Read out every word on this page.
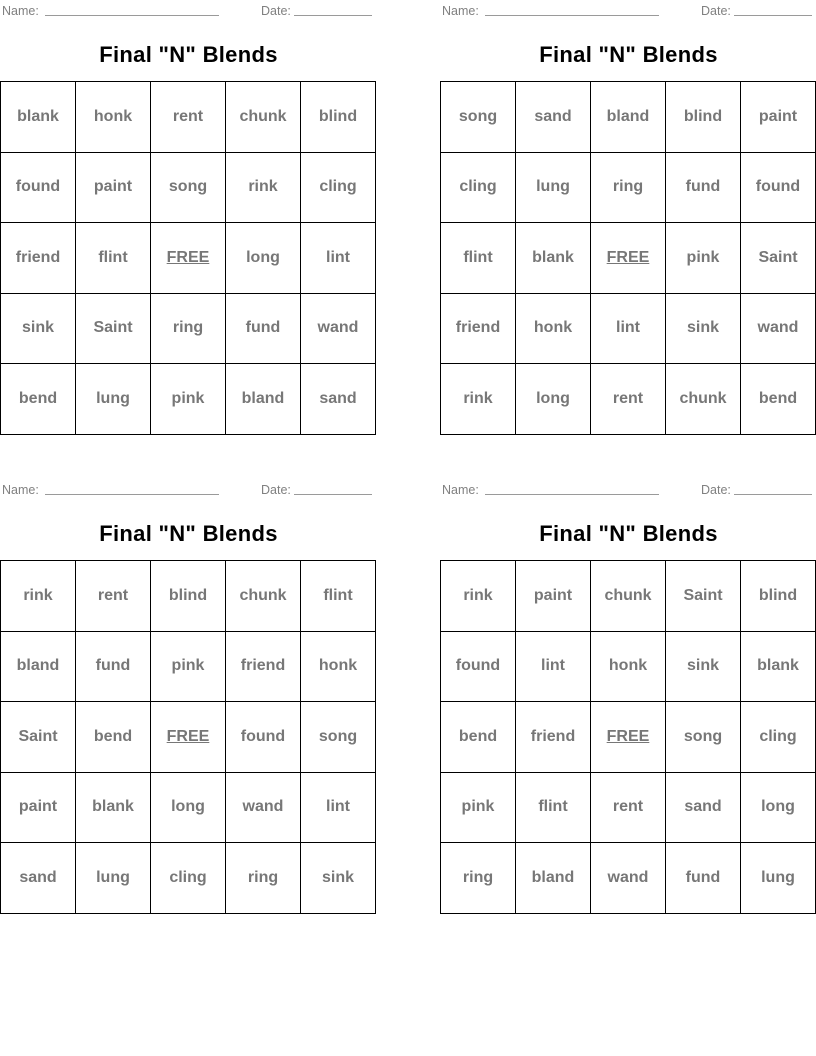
Name:	Date:
Final "N" Blends
blank	honk	rent	chunk	blind
found	paint	song	rink	cling
friend	flint	FREE	long	lint
sink	Saint	ring	fund	wand
bend	lung	pink	bland	sand
Name:	Date:
Final "N" Blends
song	sand	bland	blind	paint
cling	lung	ring	fund	found
flint	blank	FREE	pink	Saint
friend	honk	lint	sink	wand
rink	long	rent	chunk	bend
Name:	Date:
Final "N" Blends
rink	rent	blind	chunk	flint
bland	fund	pink	friend	honk
Saint	bend	FREE	found	song
paint	blank	long	wand	lint
sand	lung	cling	ring	sink
Name:	Date:
Final "N" Blends
rink	paint	chunk	Saint	blind
found	lint	honk	sink	blank
bend	friend	FREE	song	cling
pink	flint	rent	sand	long
ring	bland	wand	fund	lung
